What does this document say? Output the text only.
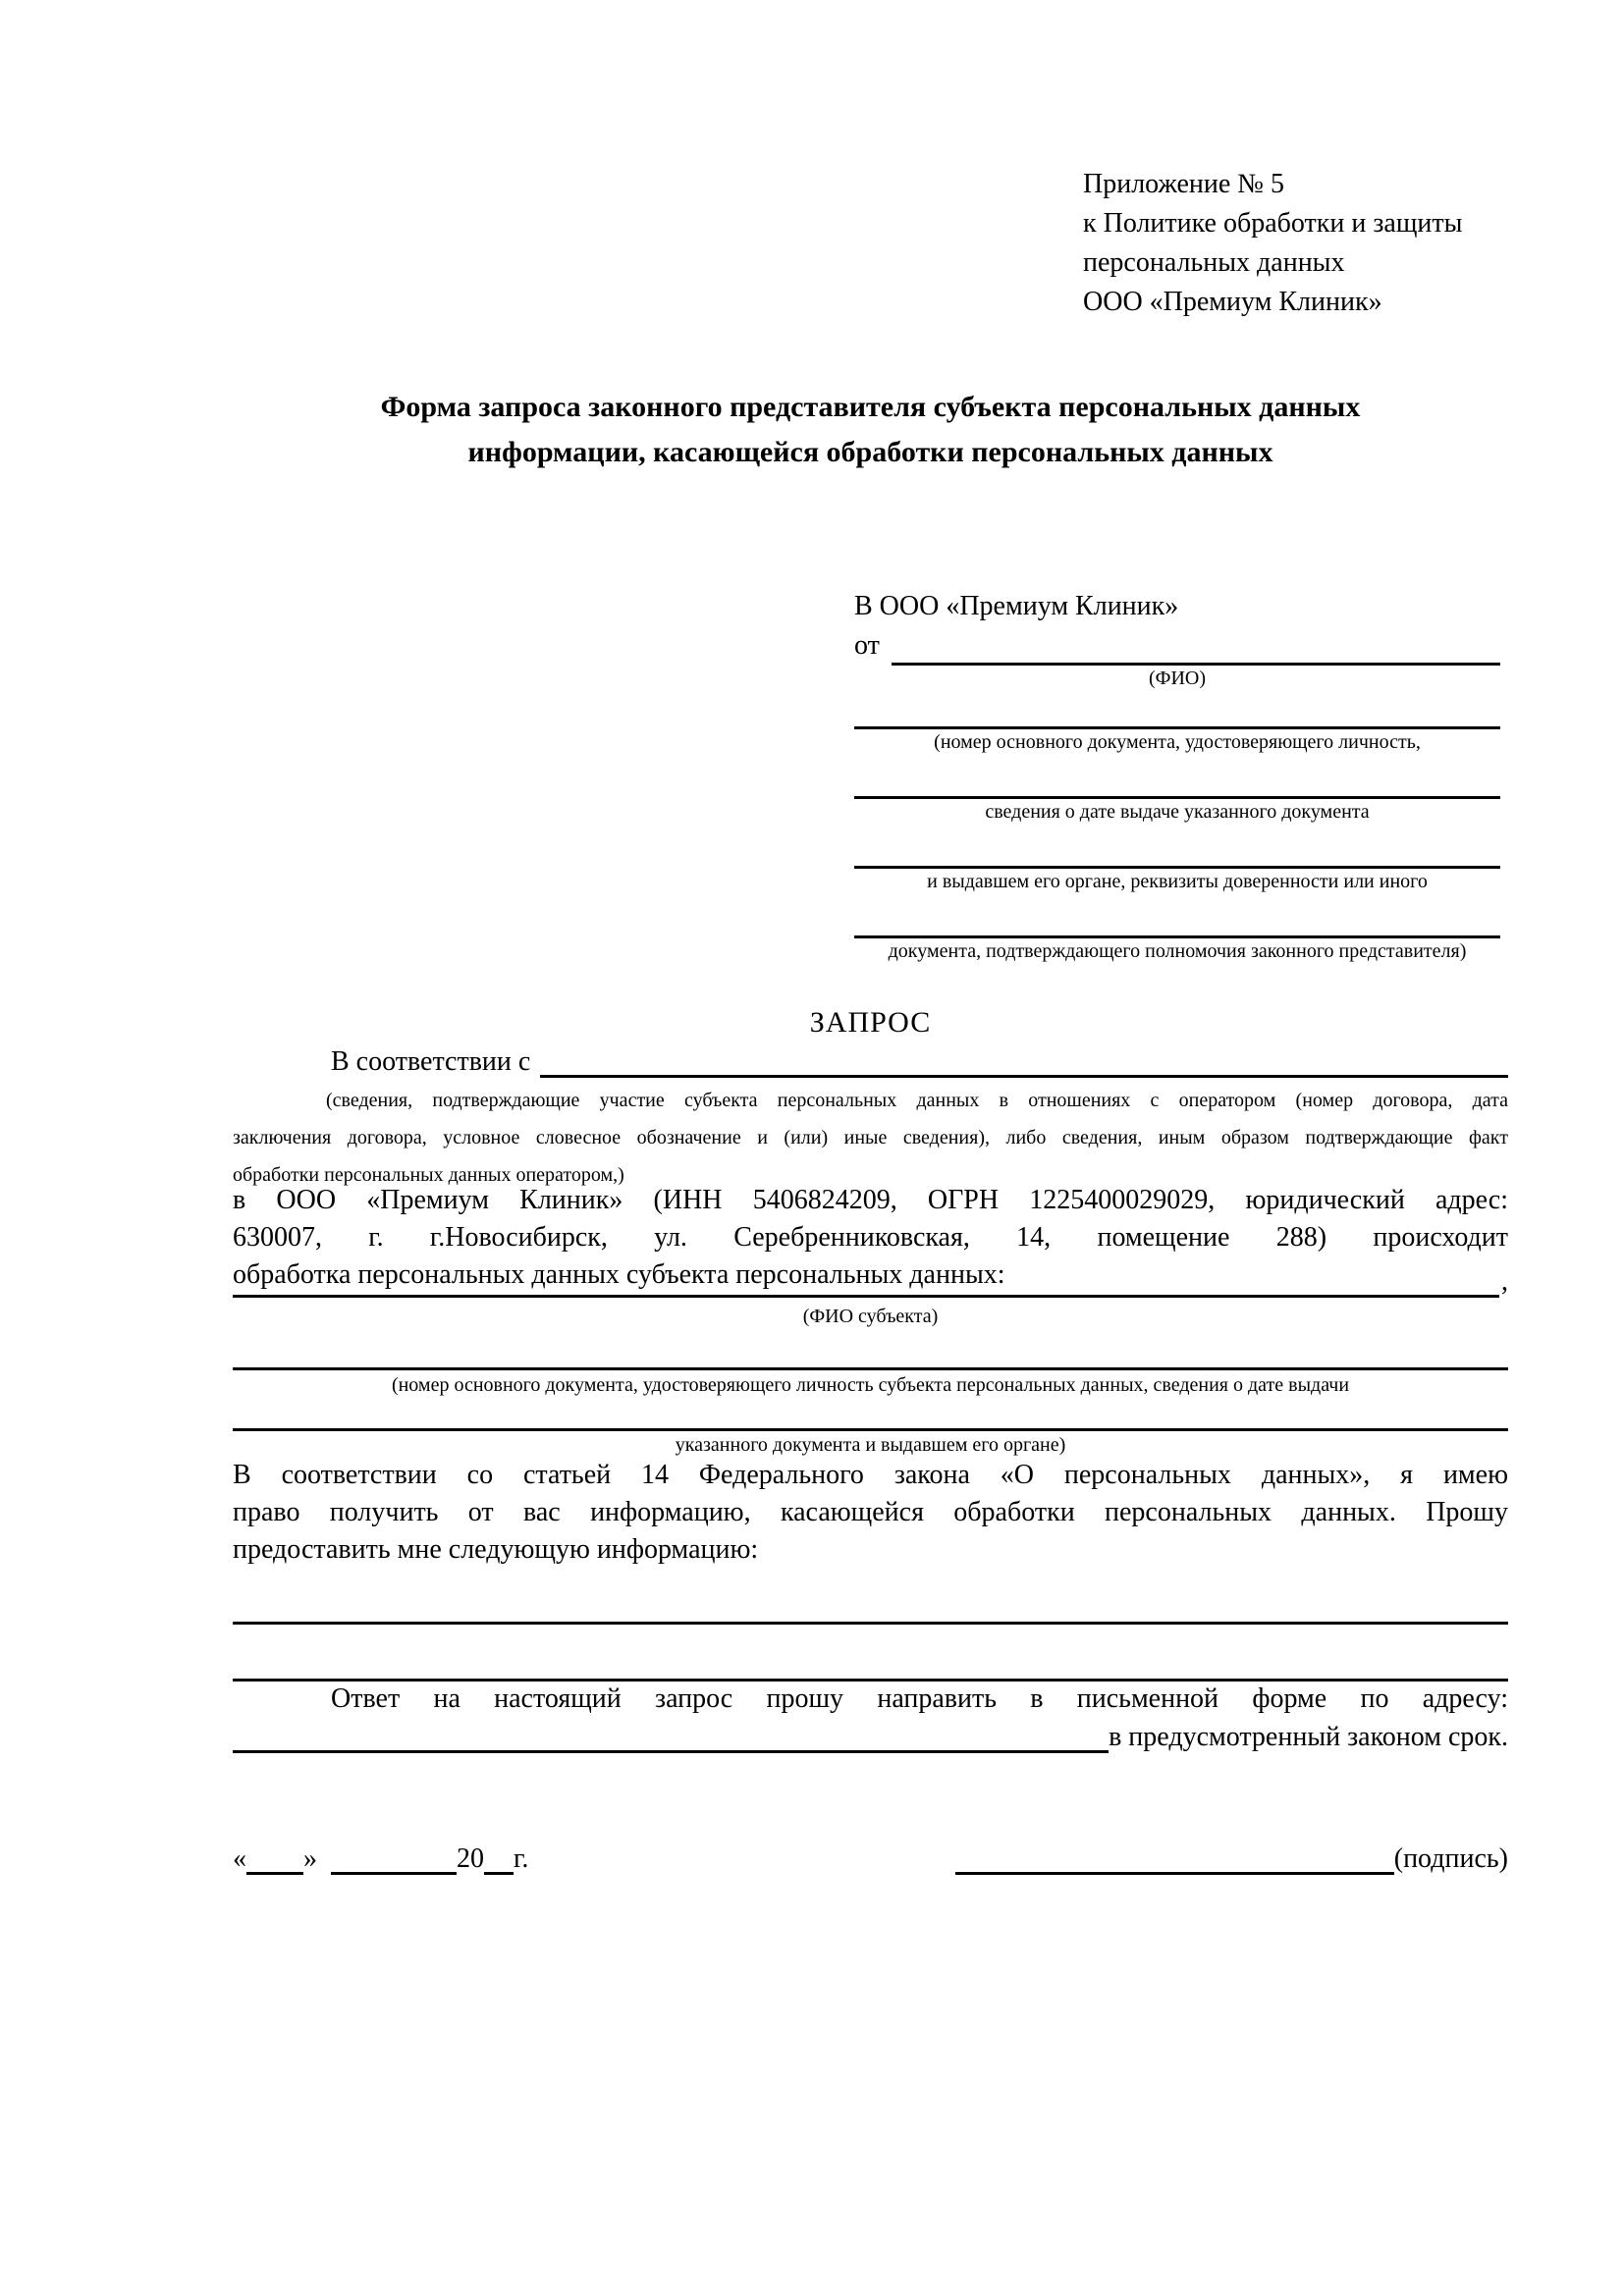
Приложение № 5
к Политике обработки и защиты
персональных данных
ООО «Премиум Клиник»
Форма запроса законного представителя субъекта персональных данных
информации, касающейся обработки персональных данных
В ООО «Премиум Клиник»
от
(ФИО)
(номер основного документа, удостоверяющего личность,
сведения о дате выдаче указанного документа
и выдавшем его органе, реквизиты доверенности или иного
документа, подтверждающего полномочия законного представителя)
ЗАПРОС
В соответствии с
(сведения, подтверждающие участие субъекта персональных данных в отношениях с оператором (номер договора, дата
заключения договора, условное словесное обозначение и (или) иные сведения), либо сведения, иным образом подтверждающие факт
обработки персональных данных оператором,)
в ООО «Премиум Клиник» (ИНН 5406824209, ОГРН 1225400029029, юридический адрес:
630007, г. г.Новосибирск, ул. Серебренниковская, 14, помещение 288) происходит
обработка персональных данных субъекта персональных данных:	,
(ФИО субъекта)
(номер основного документа, удостоверяющего личность субъекта персональных данных, сведения о дате выдачи
указанного документа и выдавшем его органе)
В соответствии со статьей 14 Федерального закона «О персональных данных», я имею
право получить от вас информацию, касающейся обработки персональных данных. Прошу
предоставить мне следующую информацию:
Ответ на настоящий запрос прошу направить в письменной форме по адресу:
в предусмотренный законом срок.
« »	20 г.	(подпись)
